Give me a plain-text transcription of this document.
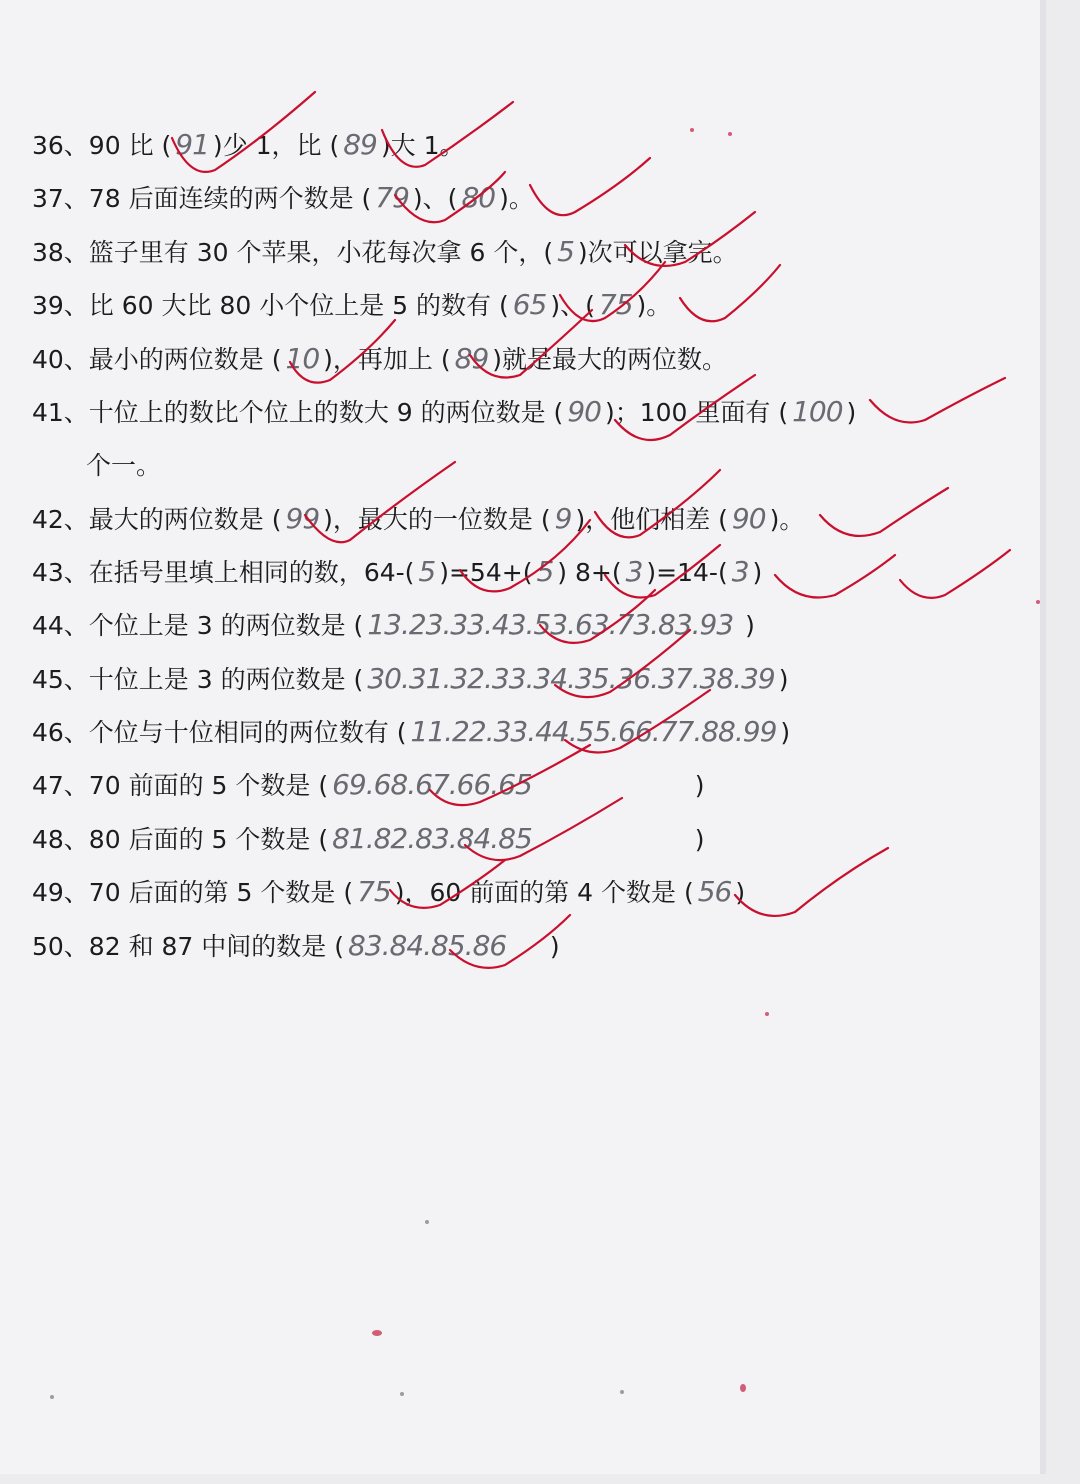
36、90 比 ( 91 )少 1，比 ( 89 )大 1。
37、78 后面连续的两个数是 ( 79 )、( 80 )。
38、篮子里有 30 个苹果，小花每次拿 6 个，( 5 )次可以拿完。
39、比 60 大比 80 小个位上是 5 的数有 ( 65 )、( 75 )。
40、最小的两位数是 ( 10 )，再加上 ( 89 )就是最大的两位数。
41、十位上的数比个位上的数大 9 的两位数是 ( 90 )；100 里面有 ( 100 )
个一。
42、最大的两位数是 ( 99 )，最大的一位数是 ( 9 )，他们相差 ( 90 )。
43、在括号里填上相同的数，64-( 5 )=54+( 5 ) 8+( 3 )=14-( 3 )
44、个位上是 3 的两位数是 ( 13.23.33.43.53.63.73.83.93 )
45、十位上是 3 的两位数是 ( 30.31.32.33.34.35.36.37.38.39 )
46、个位与十位相同的两位数有 ( 11.22.33.44.55.66.77.88.99 )
47、70 前面的 5 个数是 ( 69.68.67.66.65                    )
48、80 后面的 5 个数是 ( 81.82.83.84.85                    )
49、70 后面的第 5 个数是 ( 75 )，60 前面的第 4 个数是 ( 56 )
50、82 和 87 中间的数是 ( 83.84.85.86     )
